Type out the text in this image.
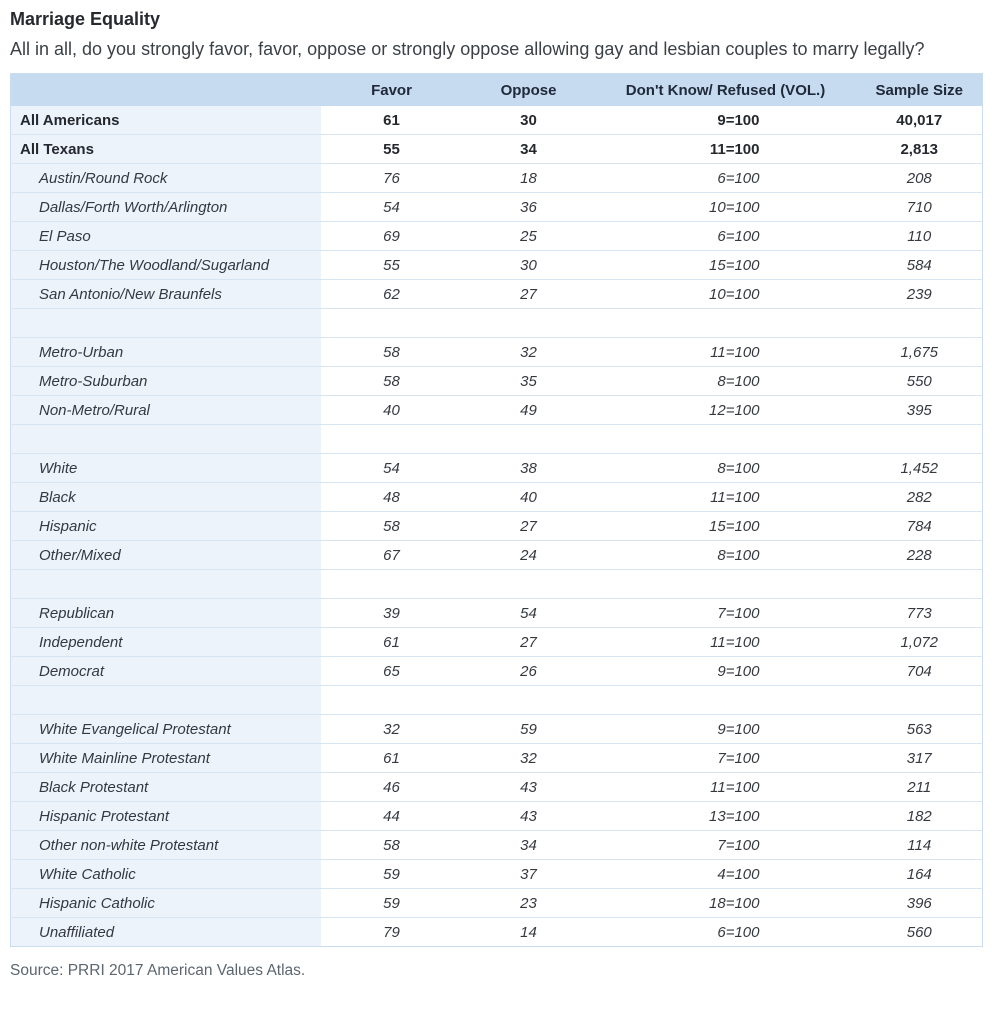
Marriage Equality

All in all, do you strongly favor, favor, oppose or strongly oppose allowing gay and lesbian couples to marry legally?

	Favor	Oppose	Don't Know/ Refused (VOL.)	Sample Size
All Americans	61	30	9=100	40,017
All Texans	55	34	11=100	2,813
Austin/Round Rock	76	18	6=100	208
Dallas/Forth Worth/Arlington	54	36	10=100	710
El Paso	69	25	6=100	110
Houston/The Woodland/Sugarland	55	30	15=100	584
San Antonio/New Braunfels	62	27	10=100	239

Metro-Urban	58	32	11=100	1,675
Metro-Suburban	58	35	8=100	550
Non-Metro/Rural	40	49	12=100	395

White	54	38	8=100	1,452
Black	48	40	11=100	282
Hispanic	58	27	15=100	784
Other/Mixed	67	24	8=100	228

Republican	39	54	7=100	773
Independent	61	27	11=100	1,072
Democrat	65	26	9=100	704

White Evangelical Protestant	32	59	9=100	563
White Mainline Protestant	61	32	7=100	317
Black Protestant	46	43	11=100	211
Hispanic Protestant	44	43	13=100	182
Other non-white Protestant	58	34	7=100	114
White Catholic	59	37	4=100	164
Hispanic Catholic	59	23	18=100	396
Unaffiliated	79	14	6=100	560

Source: PRRI 2017 American Values Atlas.
